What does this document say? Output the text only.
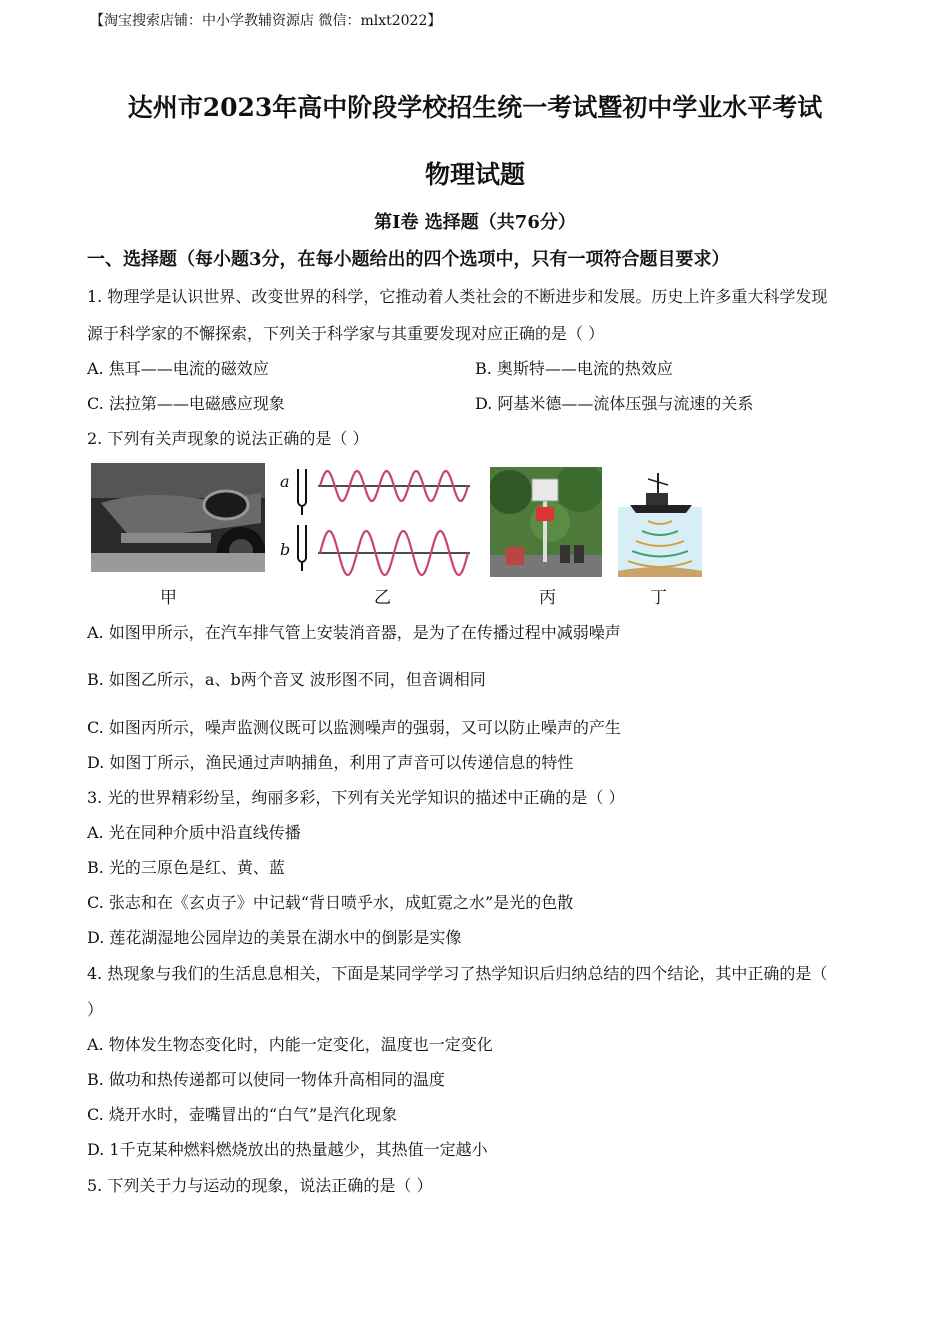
【淘宝搜索店铺：中小学教辅资源店 微信：mlxt2022】
达州市2023年高中阶段学校招生统一考试暨初中学业水平考试
物理试题
第Ⅰ卷 选择题（共76分）
一、选择题（每小题3分，在每小题给出的四个选项中，只有一项符合题目要求）
1. 物理学是认识世界、改变世界的科学，它推动着人类社会的不断进步和发展。历史上许多重大科学发现
源于科学家的不懈探索，下列关于科学家与其重要发现对应正确的是（ ）
A. 焦耳——电流的磁效应	B. 奥斯特——电流的热效应
C. 法拉第——电磁感应现象	D. 阿基米德——流体压强与流速的关系
2. 下列有关声现象的说法正确的是（ ）
甲
a
b
乙	丙	丁
A. 如图甲所示，在汽车排气管上安装消音器，是为了在传播过程中减弱噪声
B. 如图乙所示，a、b两个音叉 波形图不同，但音调相同
C. 如图丙所示，噪声监测仪既可以监测噪声的强弱，又可以防止噪声的产生
D. 如图丁所示，渔民通过声呐捕鱼，利用了声音可以传递信息的特性
3. 光的世界精彩纷呈，绚丽多彩，下列有关光学知识的描述中正确的是（ ）
A. 光在同种介质中沿直线传播
B. 光的三原色是红、黄、蓝
C. 张志和在《玄贞子》中记载“背日喷乎水，成虹霓之水”是光的色散
D. 莲花湖湿地公园岸边的美景在湖水中的倒影是实像
4. 热现象与我们的生活息息相关，下面是某同学学习了热学知识后归纳总结的四个结论，其中正确的是（
）
A. 物体发生物态变化时，内能一定变化，温度也一定变化
B. 做功和热传递都可以使同一物体升高相同的温度
C. 烧开水时，壶嘴冒出的“白气”是汽化现象
D. 1千克某种燃料燃烧放出的热量越少，其热值一定越小
5. 下列关于力与运动的现象，说法正确的是（ ）
